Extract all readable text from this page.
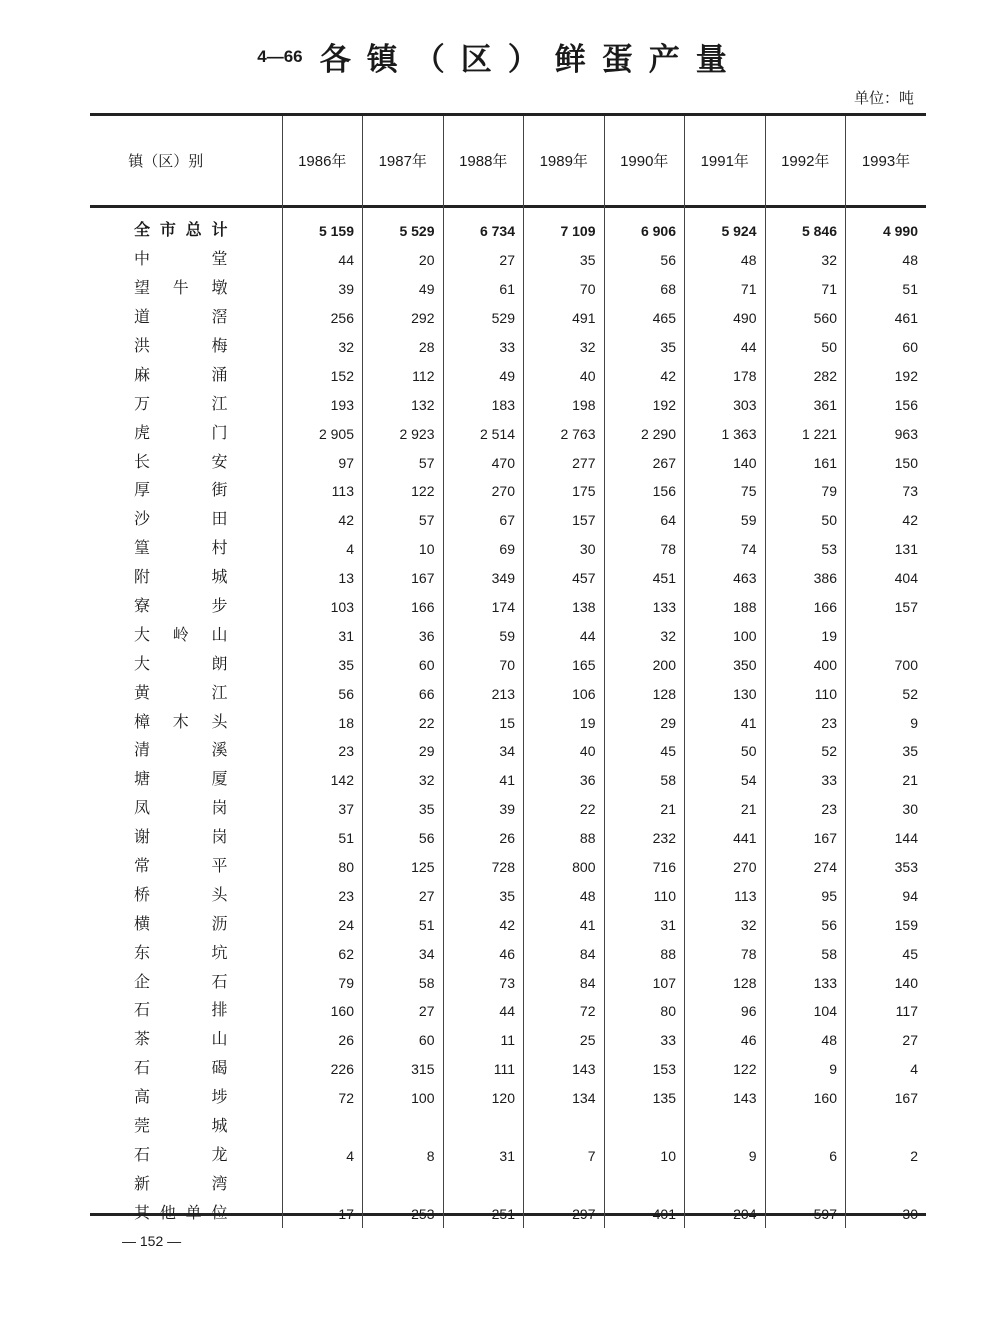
4—66 各镇（区）鲜蛋产量
单位：吨
镇（区）别	1986年	1987年	1988年	1989年	1990年	1991年	1992年	1993年

全市总计	5 159	5 529	6 734	7 109	6 906	5 924	5 846	4 990
中堂	44	20	27	35	56	48	32	48
望牛墩	39	49	61	70	68	71	71	51
道滘	256	292	529	491	465	490	560	461
洪梅	32	28	33	32	35	44	50	60
麻涌	152	112	49	40	42	178	282	192
万江	193	132	183	198	192	303	361	156
虎门	2 905	2 923	2 514	2 763	2 290	1 363	1 221	963
长安	97	57	470	277	267	140	161	150
厚街	113	122	270	175	156	75	79	73
沙田	42	57	67	157	64	59	50	42
篁村	4	10	69	30	78	74	53	131
附城	13	167	349	457	451	463	386	404
寮步	103	166	174	138	133	188	166	157
大岭山	31	36	59	44	32	100	19	
大朗	35	60	70	165	200	350	400	700
黄江	56	66	213	106	128	130	110	52
樟木头	18	22	15	19	29	41	23	9
清溪	23	29	34	40	45	50	52	35
塘厦	142	32	41	36	58	54	33	21
凤岗	37	35	39	22	21	21	23	30
谢岗	51	56	26	88	232	441	167	144
常平	80	125	728	800	716	270	274	353
桥头	23	27	35	48	110	113	95	94
横沥	24	51	42	41	31	32	56	159
东坑	62	34	46	84	88	78	58	45
企石	79	58	73	84	107	128	133	140
石排	160	27	44	72	80	96	104	117
茶山	26	60	11	25	33	46	48	27
石碣	226	315	111	143	153	122	9	4
高埗	72	100	120	134	135	143	160	167
莞城								
石龙	4	8	31	7	10	9	6	2
新湾								
其他单位	17	253	251	297	401	204	597	30
— 152 —
